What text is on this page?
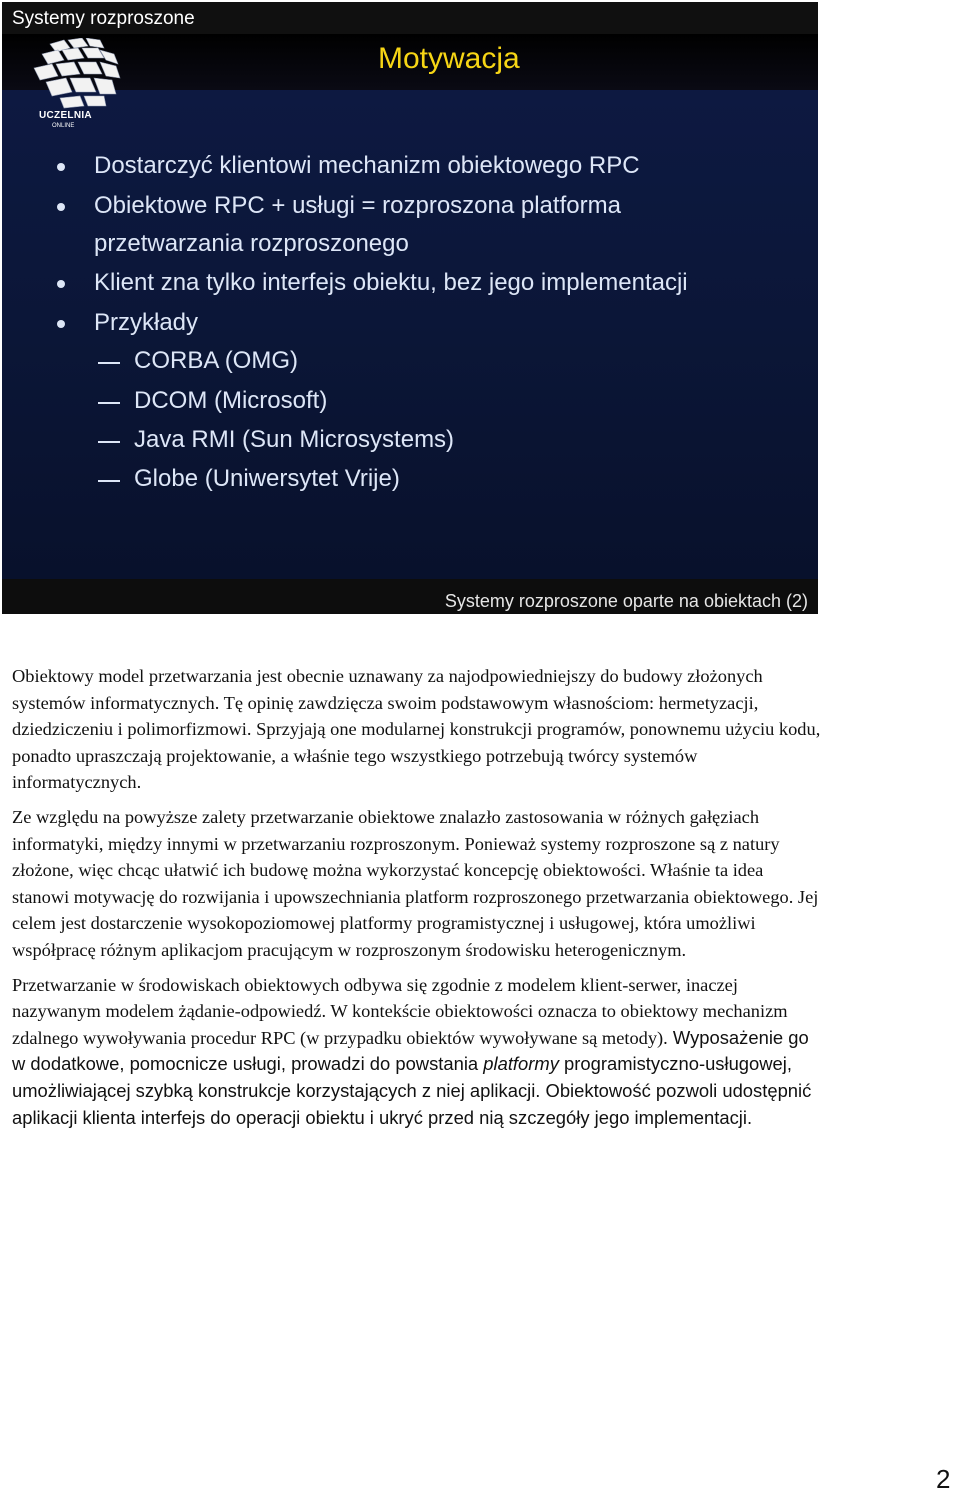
Systemy rozproszone
Motywacja
UCZELNIA
ONLINE
Dostarczyć klientowi mechanizm obiektowego RPC
Obiektowe RPC + usługi = rozproszona platforma
przetwarzania rozproszonego
Klient zna tylko interfejs obiektu, bez jego implementacji
Przykłady
CORBA (OMG)
DCOM (Microsoft)
Java RMI (Sun Microsystems)
Globe (Uniwersytet Vrije)
Systemy rozproszone oparte na obiektach (2)

Obiektowy model przetwarzania jest obecnie uznawany za najodpowiedniejszy do budowy złożonych systemów informatycznych. Tę opinię zawdzięcza swoim podstawowym własnościom: hermetyzacji, dziedziczeniu i polimorfizmowi. Sprzyjają one modularnej konstrukcji programów, ponownemu użyciu kodu, ponadto upraszczają projektowanie, a właśnie tego wszystkiego potrzebują twórcy systemów informatycznych.

Ze względu na powyższe zalety przetwarzanie obiektowe znalazło zastosowania w różnych gałęziach informatyki, między innymi w przetwarzaniu rozproszonym. Ponieważ systemy rozproszone są z natury złożone, więc chcąc ułatwić ich budowę można wykorzystać koncepcję obiektowości. Właśnie ta idea stanowi motywację do rozwijania i upowszechniania platform rozproszonego przetwarzania obiektowego. Jej celem jest dostarczenie wysokopoziomowej platformy programistycznej i usługowej, która umożliwi współpracę różnym aplikacjom pracującym w rozproszonym środowisku heterogenicznym.

Przetwarzanie w środowiskach obiektowych odbywa się zgodnie z modelem klient-serwer, inaczej nazywanym modelem żądanie-odpowiedź. W kontekście obiektowości oznacza to obiektowy mechanizm zdalnego wywoływania procedur RPC (w przypadku obiektów wywoływane są metody). Wyposażenie go w dodatkowe, pomocnicze usługi, prowadzi do powstania platformy programistyczno-usługowej, umożliwiającej szybką konstrukcje korzystających z niej aplikacji. Obiektowość pozwoli udostępnić aplikacji klienta interfejs do operacji obiektu i ukryć przed nią szczegóły jego implementacji.

2
